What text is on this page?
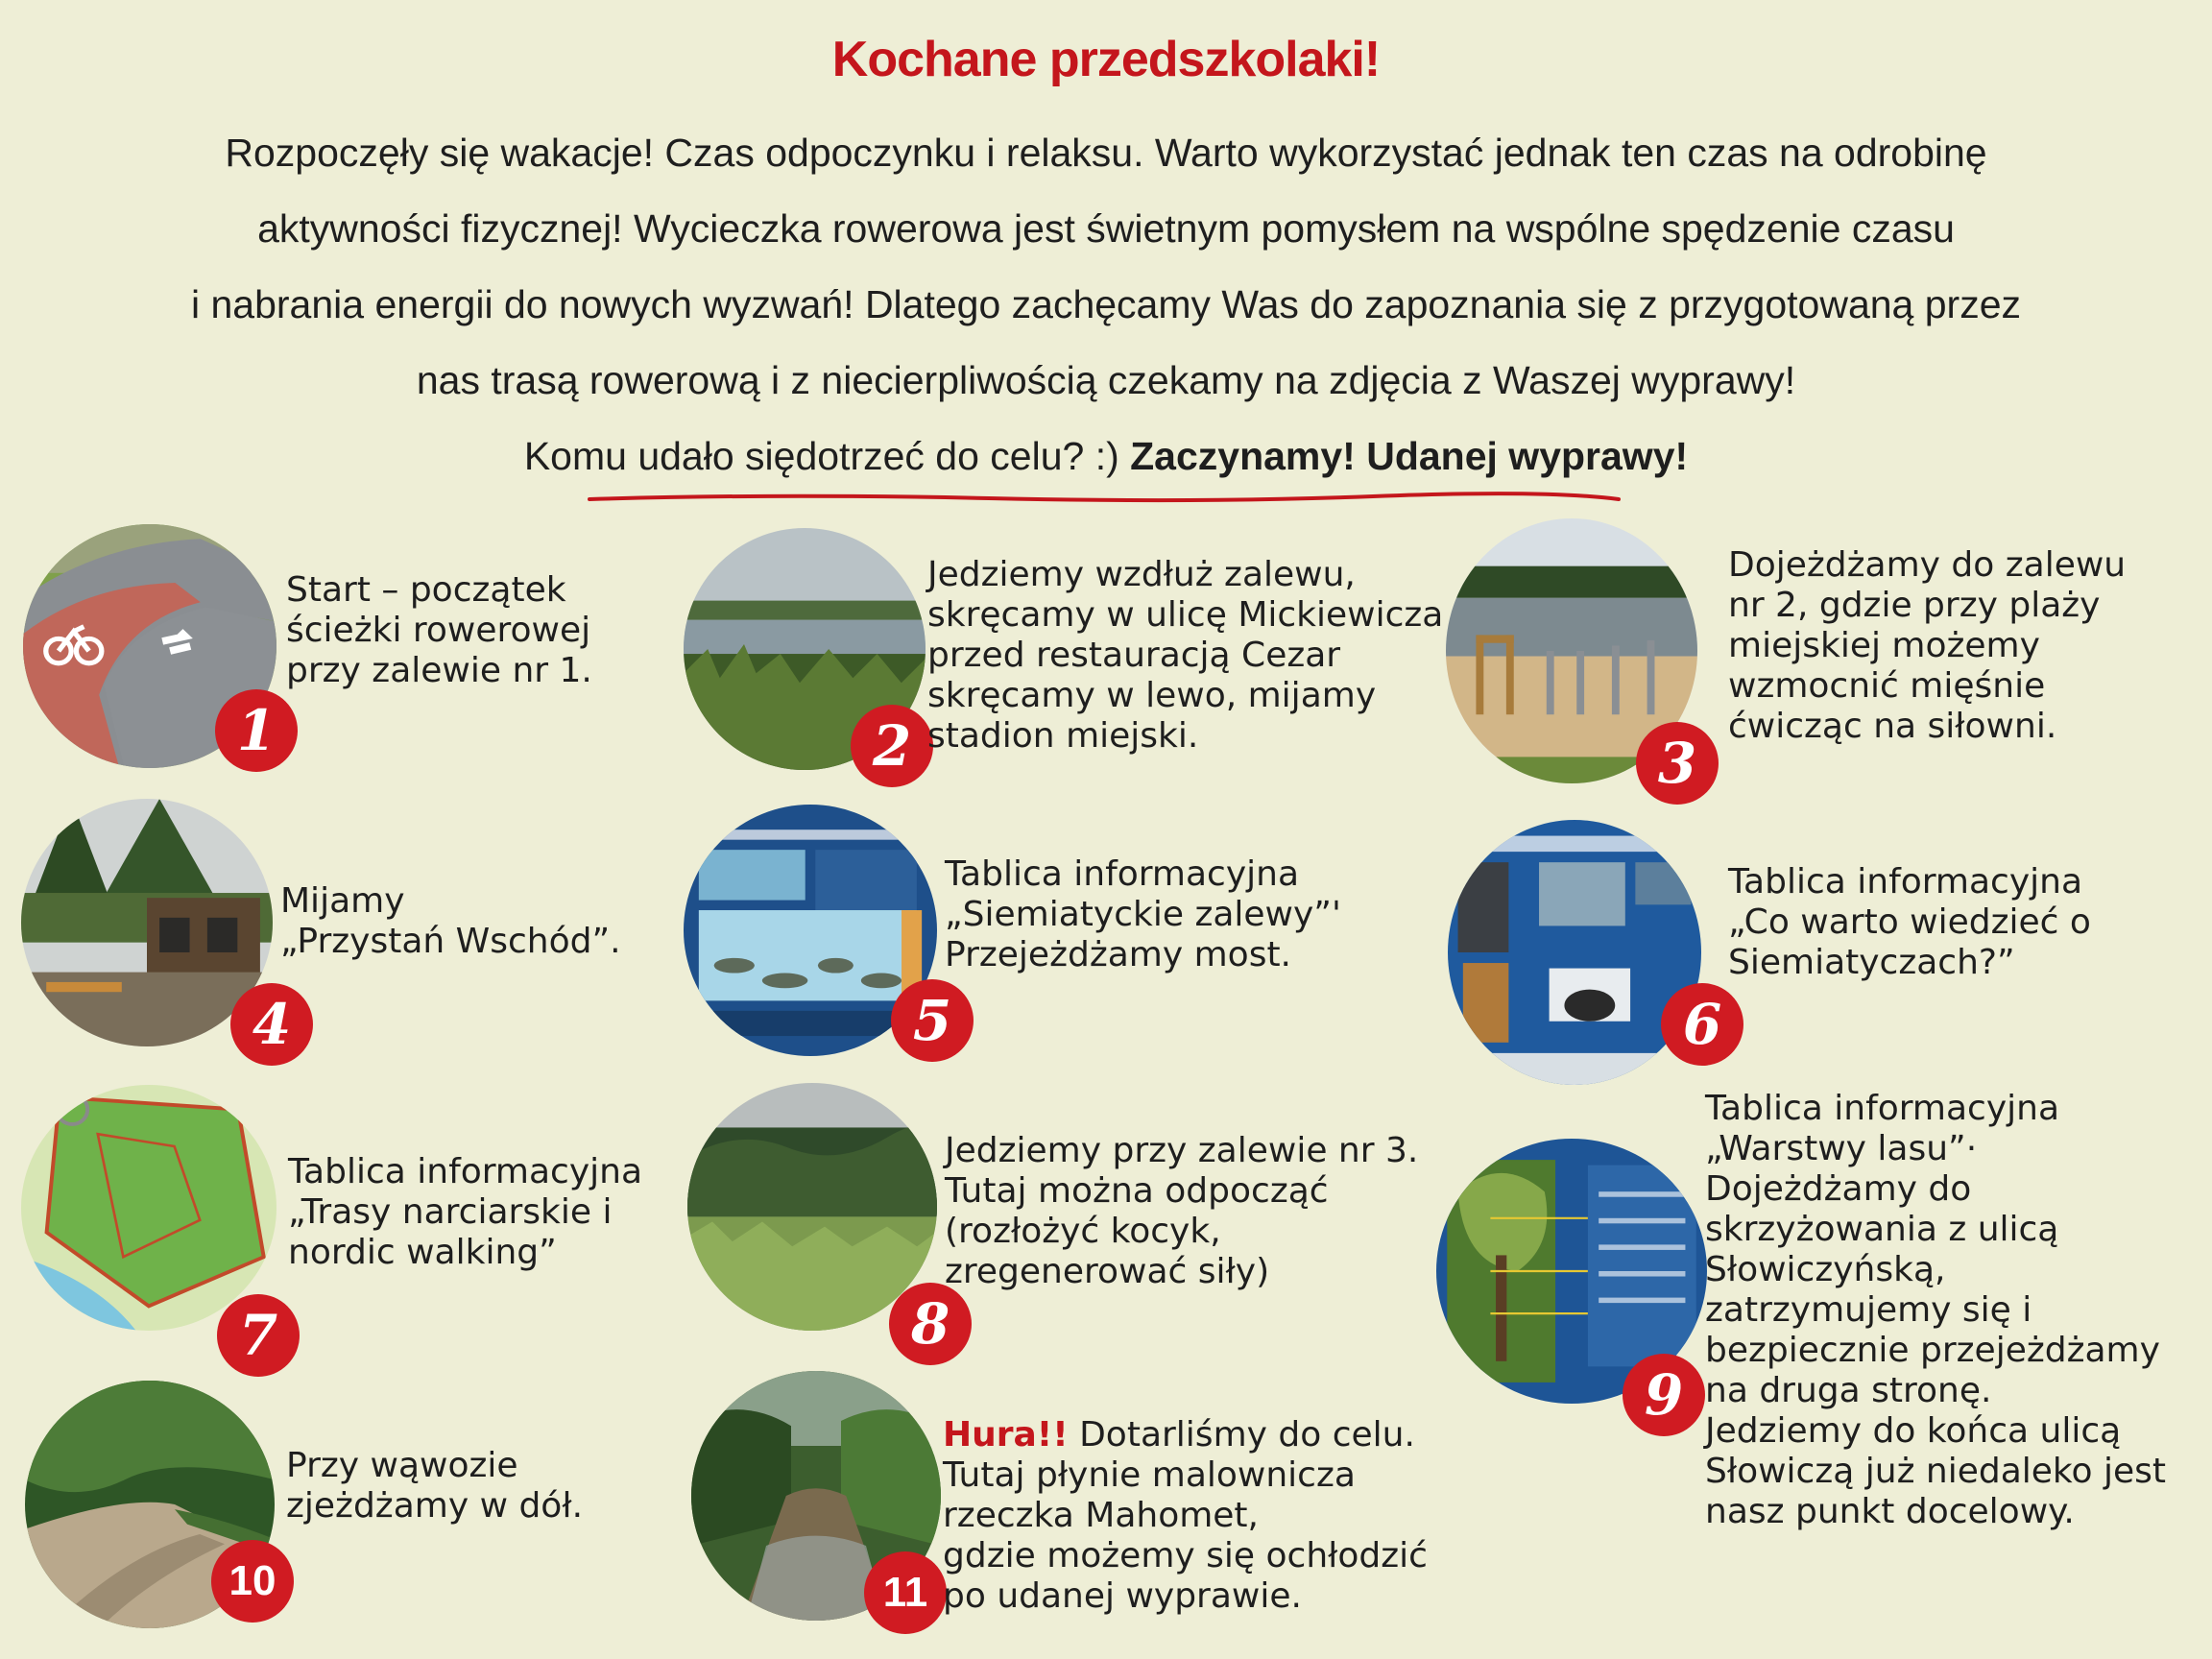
Kochane przedszkolaki!
Rozpoczęły się wakacje! Czas odpoczynku i relaksu. Warto wykorzystać jednak ten czas na odrobinę
aktywności fizycznej! Wycieczka rowerowa jest świetnym pomysłem na wspólne spędzenie czasu
i nabrania energii do nowych wyzwań! Dlatego zachęcamy Was do zapoznania się z przygotowaną przez
nas trasą rowerową i z niecierpliwością czekamy na zdjęcia z Waszej wyprawy!
Komu udało siędotrzeć do celu? :) Zaczynamy! Udanej wyprawy!
1

Start – początek
ścieżki rowerowej
przy zalewie nr 1.

2

Jedziemy wzdłuż zalewu,
skręcamy w ulicę Mickiewicza
przed restauracją Cezar
skręcamy w lewo, mijamy
stadion miejski.	3

Dojeżdżamy do zalewu
nr 2, gdzie przy plaży
miejskiej możemy
wzmocnić mięśnie
ćwicząc na siłowni.

4

Mijamy
„Przystań Wschód”.

5

Tablica informacyjna
„Siemiatyckie zalewy”'
Przejeżdżamy most.

6

Tablica informacyjna
„Co warto wiedzieć o
Siemiatyczach?”

7

Tablica informacyjna
„Trasy narciarskie i
nordic walking”

8

Jedziemy przy zalewie nr 3.
Tutaj można odpocząć
(rozłożyć kocyk,
zregenerować siły)

9

Tablica informacyjna
„Warstwy lasu”·
Dojeżdżamy do
skrzyżowania z ulicą
Słowiczyńską,
zatrzymujemy się i
bezpiecznie przejeżdżamy
na druga stronę.
Jedziemy do końca ulicą
Słowiczą już niedaleko jest
nasz punkt docelowy.

10

Przy wąwozie
zjeżdżamy w dół.

11

Hura!! Dotarliśmy do celu.
Tutaj płynie malownicza
rzeczka Mahomet,
gdzie możemy się ochłodzić
po udanej wyprawie.
